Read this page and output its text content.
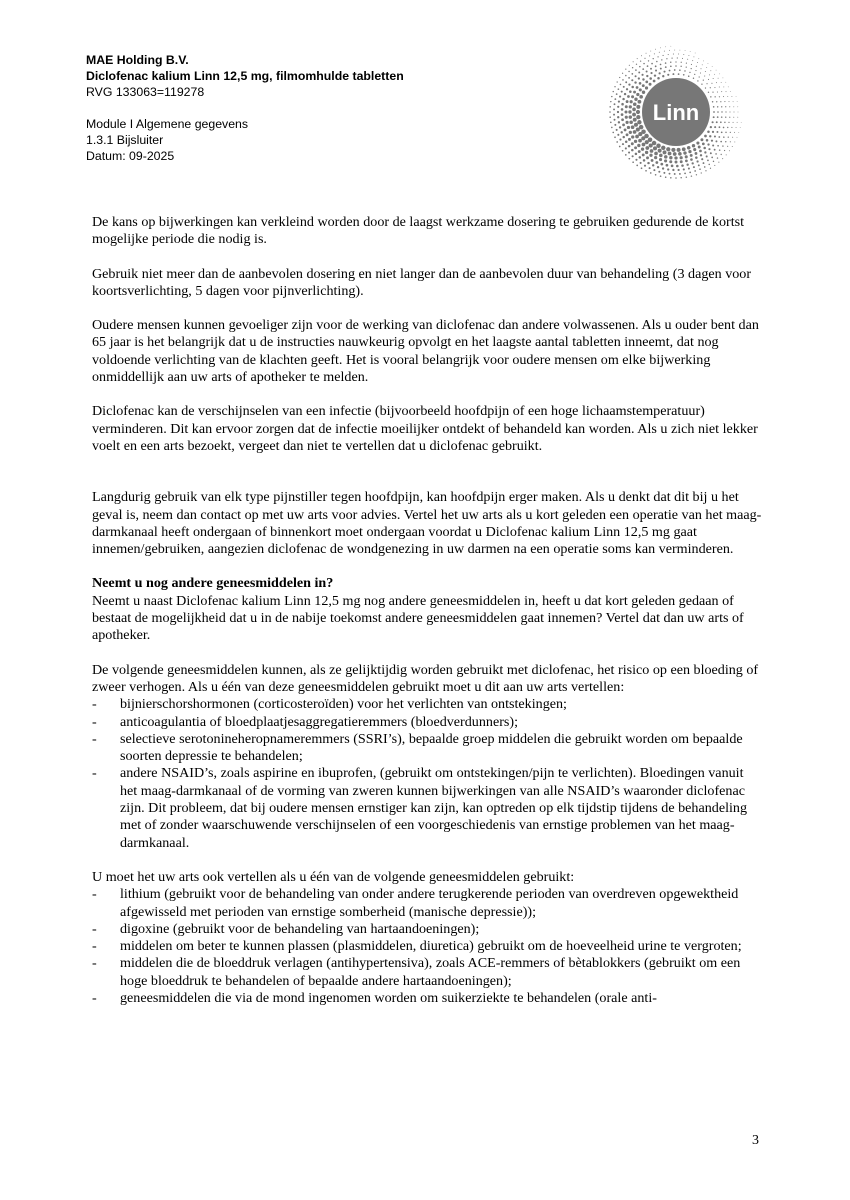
MAE Holding B.V.
Diclofenac kalium Linn 12,5 mg, filmomhulde tabletten
RVG 133063=119278
Module I Algemene gegevens
1.3.1 Bijsluiter
Datum: 09-2025
Linn

De kans op bijwerkingen kan verkleind worden door de laagst werkzame dosering te gebruiken gedurende de kortst mogelijke periode die nodig is.

Gebruik niet meer dan de aanbevolen dosering en niet langer dan de aanbevolen duur van behandeling (3 dagen voor koortsverlichting, 5 dagen voor pijnverlichting).

Oudere mensen kunnen gevoeliger zijn voor de werking van diclofenac dan andere volwassenen. Als u ouder bent dan 65 jaar is het belangrijk dat u de instructies nauwkeurig opvolgt en het laagste aantal tabletten inneemt, dat nog voldoende verlichting van de klachten geeft. Het is vooral belangrijk voor oudere mensen om elke bijwerking onmiddellijk aan uw arts of apotheker te melden.

Diclofenac kan de verschijnselen van een infectie (bijvoorbeeld hoofdpijn of een hoge lichaamstemperatuur) verminderen. Dit kan ervoor zorgen dat de infectie moeilijker ontdekt of behandeld kan worden. Als u zich niet lekker voelt en een arts bezoekt, vergeet dan niet te vertellen dat u diclofenac gebruikt.

Langdurig gebruik van elk type pijnstiller tegen hoofdpijn, kan hoofdpijn erger maken. Als u denkt dat dit bij u het geval is, neem dan contact op met uw arts voor advies. Vertel het uw arts als u kort geleden een operatie van het maag-darmkanaal heeft ondergaan of binnenkort moet ondergaan voordat u Diclofenac kalium Linn 12,5 mg gaat innemen/gebruiken, aangezien diclofenac de wondgenezing in uw darmen na een operatie soms kan verminderen.

Neemt u nog andere geneesmiddelen in?

Neemt u naast Diclofenac kalium Linn 12,5 mg nog andere geneesmiddelen in, heeft u dat kort geleden gedaan of bestaat de mogelijkheid dat u in de nabije toekomst andere geneesmiddelen gaat innemen? Vertel dat dan uw arts of apotheker.

De volgende geneesmiddelen kunnen, als ze gelijktijdig worden gebruikt met diclofenac, het risico op een bloeding of zweer verhogen. Als u één van deze geneesmiddelen gebruikt moet u dit aan uw arts vertellen:

- bijnierschorshormonen (corticosteroïden) voor het verlichten van ontstekingen;
- anticoagulantia of bloedplaatjesaggregatieremmers (bloedverdunners);
- selectieve serotonineheropnameremmers (SSRI’s), bepaalde groep middelen die gebruikt worden om bepaalde soorten depressie te behandelen;
- andere NSAID’s, zoals aspirine en ibuprofen, (gebruikt om ontstekingen/pijn te verlichten). Bloedingen vanuit het maag-darmkanaal of de vorming van zweren kunnen bijwerkingen van alle NSAID’s waaronder diclofenac zijn. Dit probleem, dat bij oudere mensen ernstiger kan zijn, kan optreden op elk tijdstip tijdens de behandeling met of zonder waarschuwende verschijnselen of een voorgeschiedenis van ernstige problemen van het maag-darmkanaal.

U moet het uw arts ook vertellen als u één van de volgende geneesmiddelen gebruikt:

- lithium (gebruikt voor de behandeling van onder andere terugkerende perioden van overdreven opgewektheid afgewisseld met perioden van ernstige somberheid (manische depressie));
- digoxine (gebruikt voor de behandeling van hartaandoeningen);
- middelen om beter te kunnen plassen (plasmiddelen, diuretica) gebruikt om de hoeveelheid urine te vergroten;
- middelen die de bloeddruk verlagen (antihypertensiva), zoals ACE-remmers of bètablokkers (gebruikt om een hoge bloeddruk te behandelen of bepaalde andere hartaandoeningen);
- geneesmiddelen die via de mond ingenomen worden om suikerziekte te behandelen (orale anti-
3
